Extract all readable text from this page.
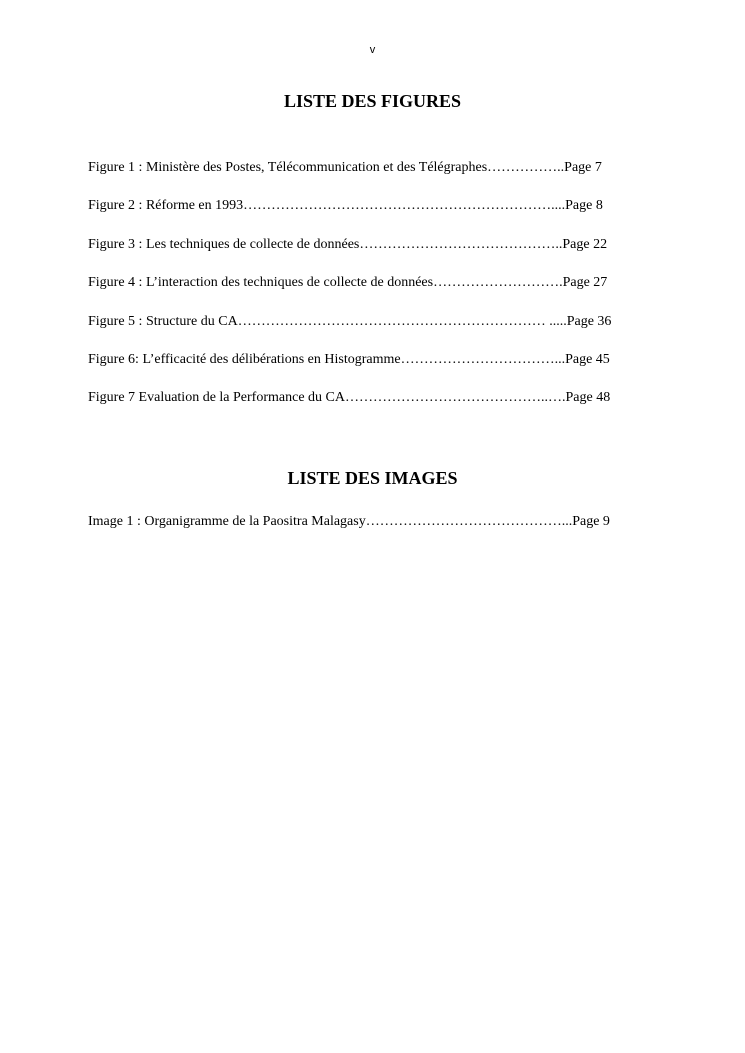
v
LISTE DES FIGURES
Figure 1 : Ministère des Postes, Télécommunication et des Télégraphes……………..Page 7
Figure 2 : Réforme en 1993…………………………………………………………....Page 8
Figure 3 : Les techniques de collecte de données……………………………………..Page 22
Figure 4 : L’interaction des techniques de collecte de données……………………….Page 27
Figure 5 : Structure du CA………………………………………………………… .....Page 36
Figure 6: L’efficacité des délibérations en Histogramme……………………………...Page 45
Figure 7 Evaluation de la Performance du CA……………………………………..….Page 48
LISTE DES IMAGES
Image 1 : Organigramme de la Paositra Malagasy……………………………………...Page 9
